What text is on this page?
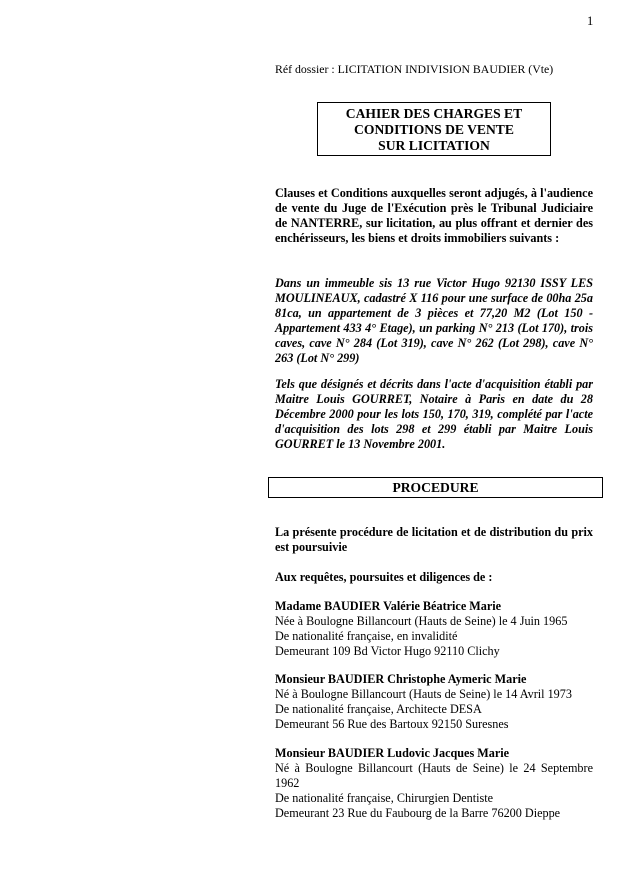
1
Réf dossier : LICITATION INDIVISION BAUDIER (Vte)
CAHIER DES CHARGES ET
CONDITIONS DE VENTE
SUR LICITATION

Clauses et Conditions auxquelles seront adjugés, à l'audience de vente du Juge de l'Exécution près le Tribunal Judiciaire de NANTERRE, sur licitation, au plus offrant et dernier des enchérisseurs, les biens et droits immobiliers suivants :

Dans un immeuble sis 13 rue Victor Hugo 92130 ISSY LES MOULINEAUX, cadastré X 116 pour une surface de 00ha 25a 81ca, un appartement de 3 pièces et 77,20 M2 (Lot 150 - Appartement 433 4° Etage), un parking N° 213 (Lot 170), trois caves, cave N° 284 (Lot 319), cave N° 262 (Lot 298), cave N° 263 (Lot N° 299)

Tels que désignés et décrits dans l'acte d'acquisition établi par Maitre Louis GOURRET, Notaire à Paris en date du 28 Décembre 2000 pour les lots 150, 170, 319, complété par l'acte d'acquisition des lots 298 et 299 établi par Maitre Louis GOURRET le 13 Novembre 2001.

PROCEDURE

La présente procédure de licitation et de distribution du prix est poursuivie

Aux requêtes, poursuites et diligences de :

Madame BAUDIER Valérie Béatrice Marie
Née à Boulogne Billancourt (Hauts de Seine) le 4 Juin 1965
De nationalité française, en invalidité
Demeurant 109 Bd Victor Hugo 92110 Clichy
Monsieur BAUDIER Christophe Aymeric Marie
Né à Boulogne Billancourt (Hauts de Seine) le 14 Avril 1973
De nationalité française, Architecte DESA
Demeurant 56 Rue des Bartoux 92150 Suresnes
Monsieur BAUDIER Ludovic Jacques Marie
Né à Boulogne Billancourt (Hauts de Seine) le 24 Septembre 1962
De nationalité française, Chirurgien Dentiste
Demeurant 23 Rue du Faubourg de la Barre 76200 Dieppe
